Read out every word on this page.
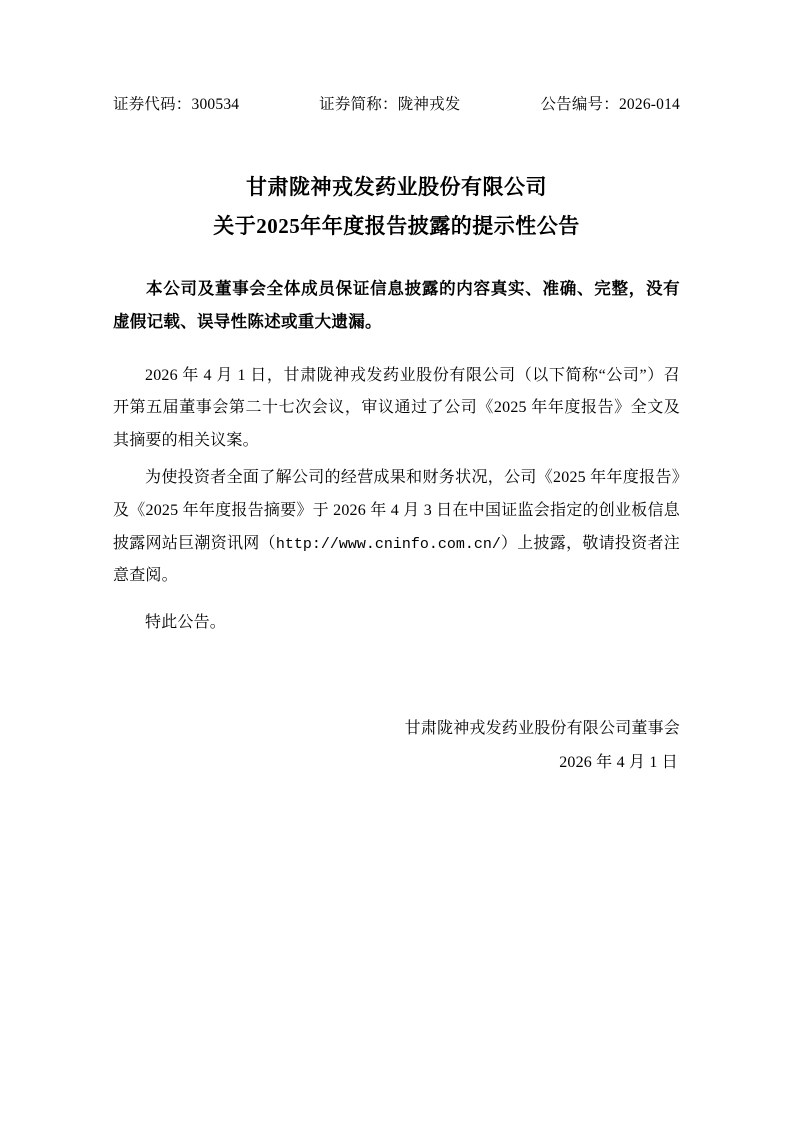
证券代码：300534	证券简称：陇神戎发	公告编号：2026-014
甘肃陇神戎发药业股份有限公司
关于2025年年度报告披露的提示性公告

本公司及董事会全体成员保证信息披露的内容真实、准确、完整，没有虚假记载、误导性陈述或重大遗漏。

2026 年 4 月 1 日，甘肃陇神戎发药业股份有限公司（以下简称“公司”）召开第五届董事会第二十七次会议，审议通过了公司《2025 年年度报告》全文及其摘要的相关议案。

为使投资者全面了解公司的经营成果和财务状况，公司《2025 年年度报告》及《2025 年年度报告摘要》于 2026 年 4 月 3 日在中国证监会指定的创业板信息披露网站巨潮资讯网（http://www.cninfo.com.cn/）上披露，敬请投资者注意查阅。

特此公告。

甘肃陇神戎发药业股份有限公司董事会
2026 年 4 月 1 日
